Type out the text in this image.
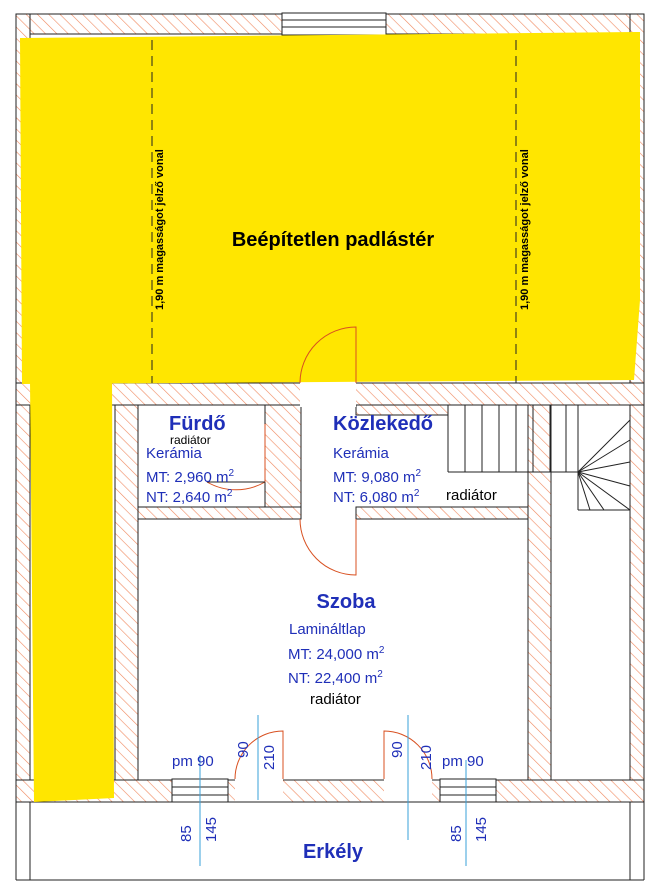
Beépítetlen padlástér
1,90 m magasságot jelző vonal	1,90 m magasságot jelző vonal
Fürdő
radiátor
Kerámia
MT: 2,960 $m^2$
NT: 2,640 $m^2$
Közlekedő
Kerámia
MT: 9,080 $m^2$
NT: 6,080 $m^2$ radiátor
Szoba
Lamináltlap
MT: 24,000 $m^2$
NT: 22,400 $m^2$
radiátor
pm 90	pm 90
85 145	85 145
90 210	90 210
Erkély
